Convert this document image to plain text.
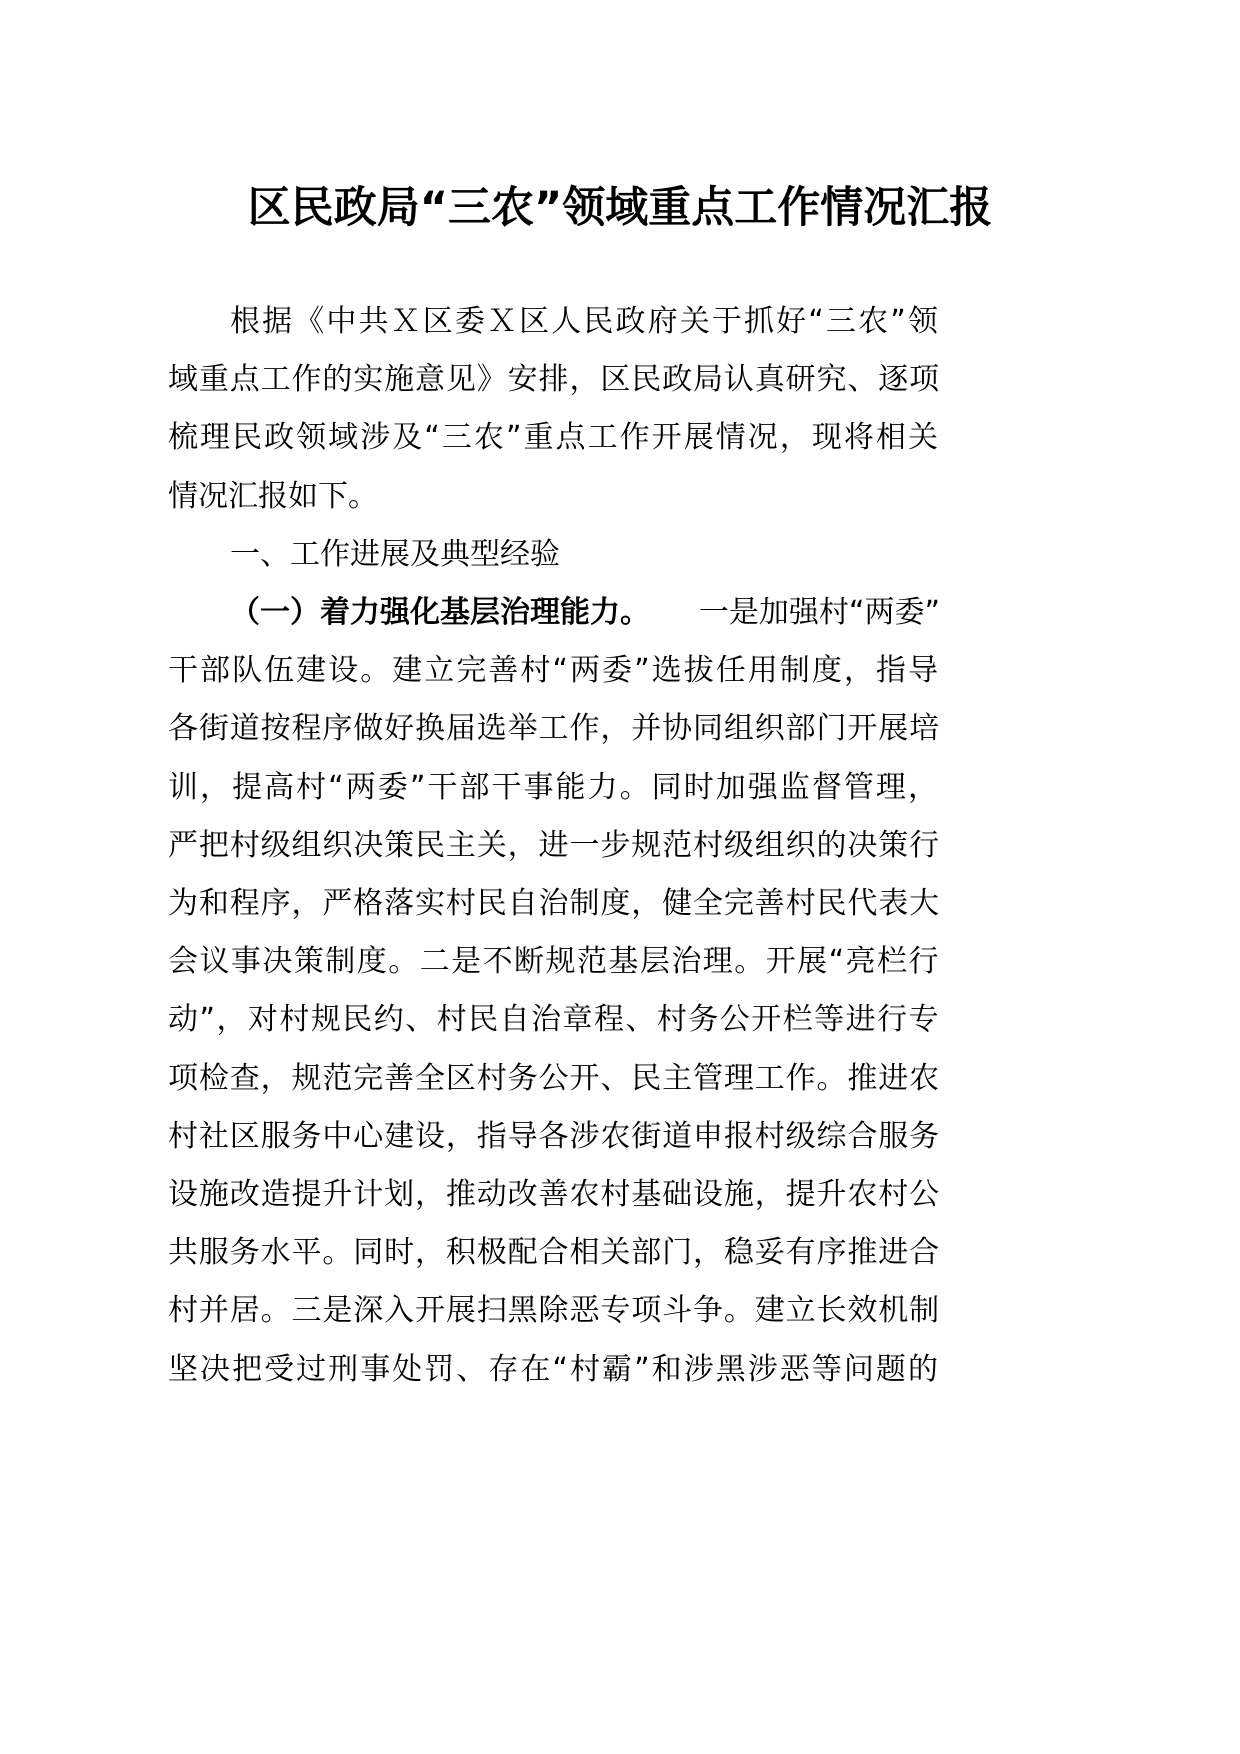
区民政局“三农”领域重点工作情况汇报
根据《中共Ｘ区委Ｘ区人民政府关于抓好“三农”领
域重点工作的实施意见》安排，区民政局认真研究、逐项
梳理民政领域涉及“三农”重点工作开展情况，现将相关
情况汇报如下。
一、工作进展及典型经验
（一）着力强化基层治理能力。 一是加强村“两委”
干部队伍建设。建立完善村“两委”选拔任用制度，指导
各街道按程序做好换届选举工作，并协同组织部门开展培
训，提高村“两委”干部干事能力。同时加强监督管理，
严把村级组织决策民主关，进一步规范村级组织的决策行
为和程序，严格落实村民自治制度，健全完善村民代表大
会议事决策制度。二是不断规范基层治理。开展“亮栏行
动”，对村规民约、村民自治章程、村务公开栏等进行专
项检查，规范完善全区村务公开、民主管理工作。推进农
村社区服务中心建设，指导各涉农街道申报村级综合服务
设施改造提升计划，推动改善农村基础设施，提升农村公
共服务水平。同时，积极配合相关部门，稳妥有序推进合
村并居。三是深入开展扫黑除恶专项斗争。建立长效机制
坚决把受过刑事处罚、存在“村霸”和涉黑涉恶等问题的
